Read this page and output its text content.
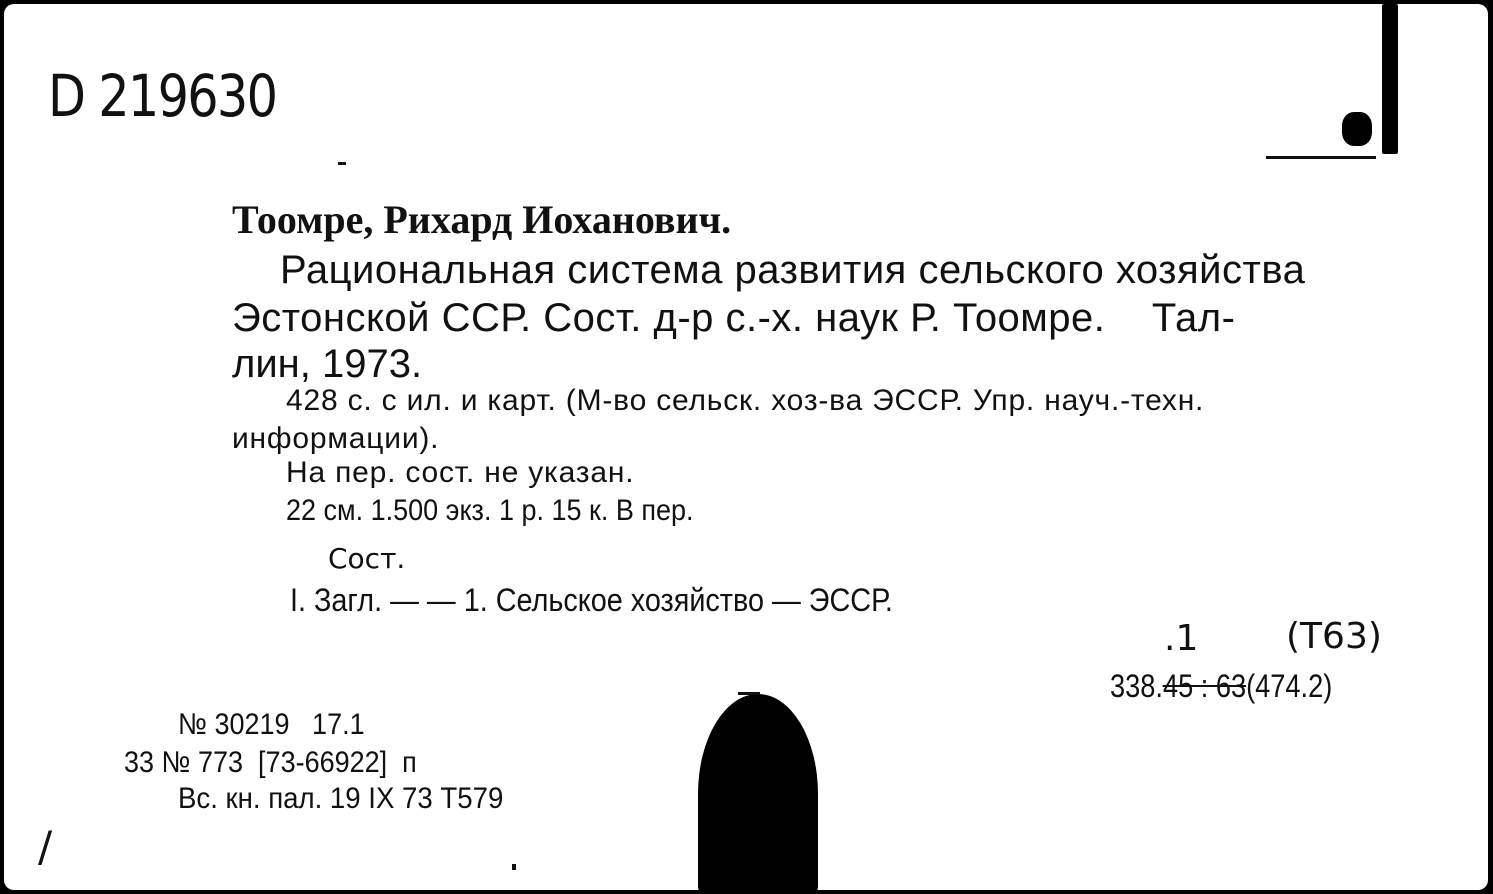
D 219630
Тоомре, Рихард Иоханович.
Рациональная система развития сельского хозяйства
Эстонской ССР. Сост. д-р с.-х. наук Р. Тоомре.    Тал-
лин, 1973.
428 с. с ил. и карт. (М-во сельск. хоз-ва ЭССР. Упр. науч.-техн.
информации).
На пер. сост. не указан.
22 см. 1.500 экз. 1 р. 15 к. В пер.
Сост.
I. Загл. — — 1. Сельское хозяйство — ЭССР.
.1 (Т63)
338.45 : 63(474.2)
№ 30219   17.1
33 № 773  [73-66922]  п
Вс. кн. пал. 19 IX 73 Т579
/
